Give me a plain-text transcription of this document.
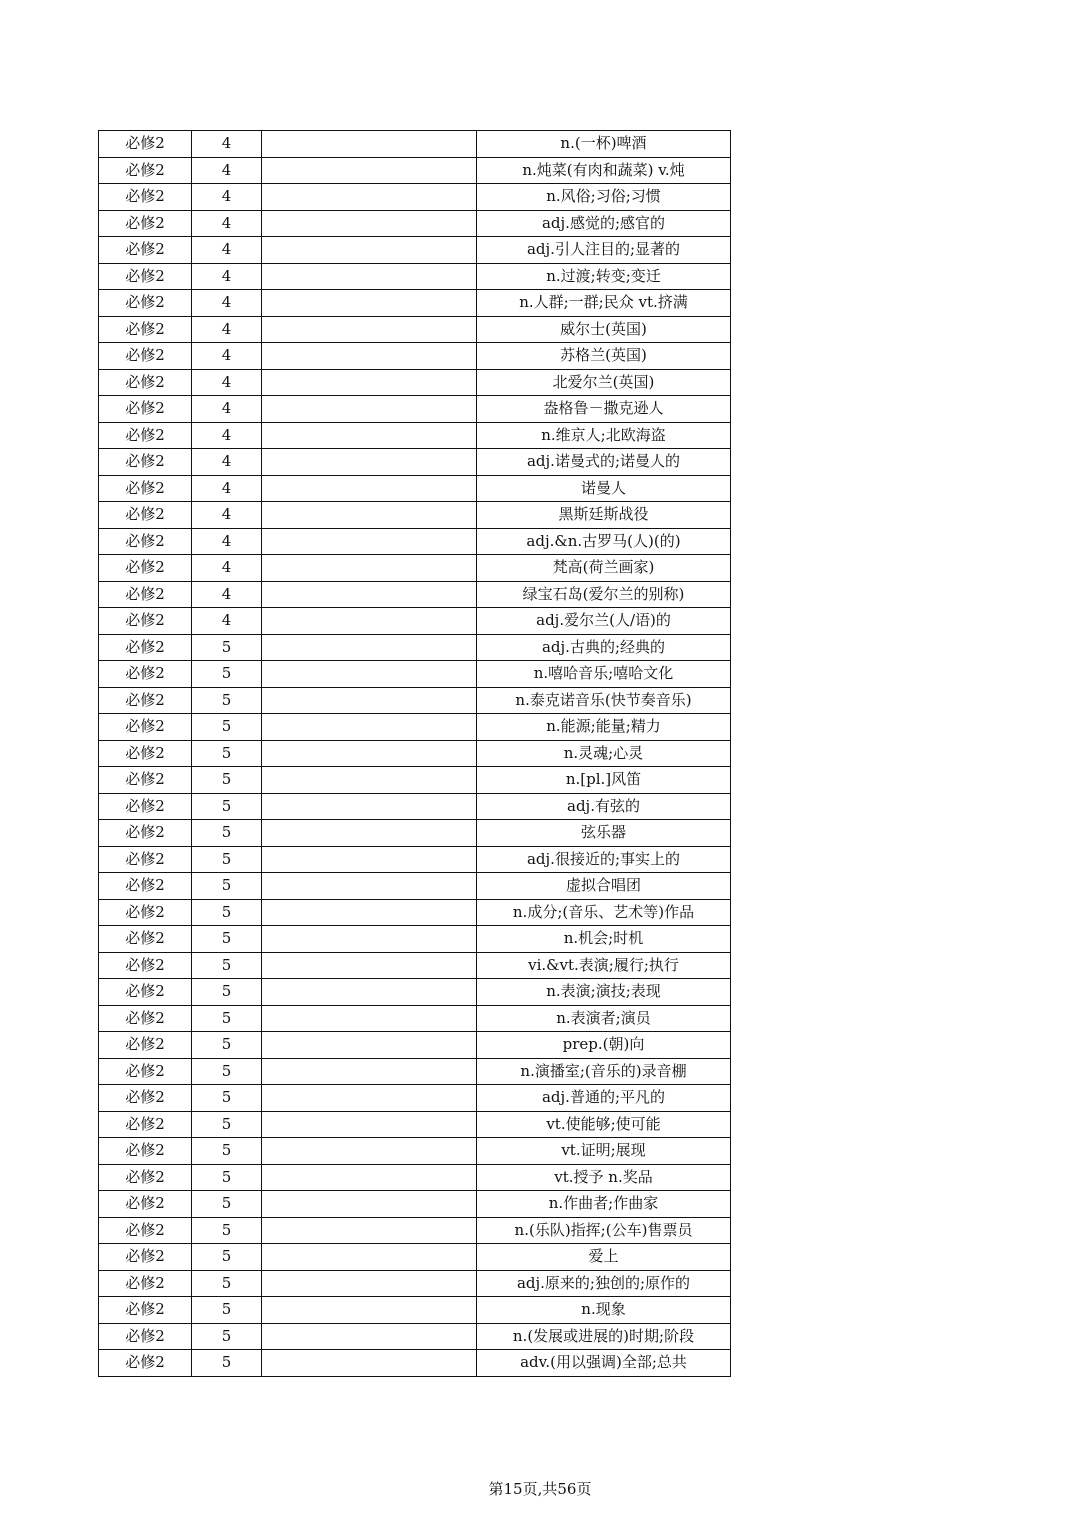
必修2	4		n.(一杯)啤酒
必修2	4		n.炖菜(有肉和蔬菜) v.炖
必修2	4		n.风俗;习俗;习惯
必修2	4		adj.感觉的;感官的
必修2	4		adj.引人注目的;显著的
必修2	4		n.过渡;转变;变迁
必修2	4		n.人群;一群;民众 vt.挤满
必修2	4		威尔士(英国)
必修2	4		苏格兰(英国)
必修2	4		北爱尔兰(英国)
必修2	4		盎格鲁－撒克逊人
必修2	4		n.维京人;北欧海盗
必修2	4		adj.诺曼式的;诺曼人的
必修2	4		诺曼人
必修2	4		黑斯廷斯战役
必修2	4		adj.&n.古罗马(人)(的)
必修2	4		梵高(荷兰画家)
必修2	4		绿宝石岛(爱尔兰的别称)
必修2	4		adj.爱尔兰(人/语)的
必修2	5		adj.古典的;经典的
必修2	5		n.嘻哈音乐;嘻哈文化
必修2	5		n.泰克诺音乐(快节奏音乐)
必修2	5		n.能源;能量;精力
必修2	5		n.灵魂;心灵
必修2	5		n.[pl.]风笛
必修2	5		adj.有弦的
必修2	5		弦乐器
必修2	5		adj.很接近的;事实上的
必修2	5		虚拟合唱团
必修2	5		n.成分;(音乐、艺术等)作品
必修2	5		n.机会;时机
必修2	5		vi.&vt.表演;履行;执行
必修2	5		n.表演;演技;表现
必修2	5		n.表演者;演员
必修2	5		prep.(朝)向
必修2	5		n.演播室;(音乐的)录音棚
必修2	5		adj.普通的;平凡的
必修2	5		vt.使能够;使可能
必修2	5		vt.证明;展现
必修2	5		vt.授予 n.奖品
必修2	5		n.作曲者;作曲家
必修2	5		n.(乐队)指挥;(公车)售票员
必修2	5		爱上
必修2	5		adj.原来的;独创的;原作的
必修2	5		n.现象
必修2	5		n.(发展或进展的)时期;阶段
必修2	5		adv.(用以强调)全部;总共
第15页,共56页
